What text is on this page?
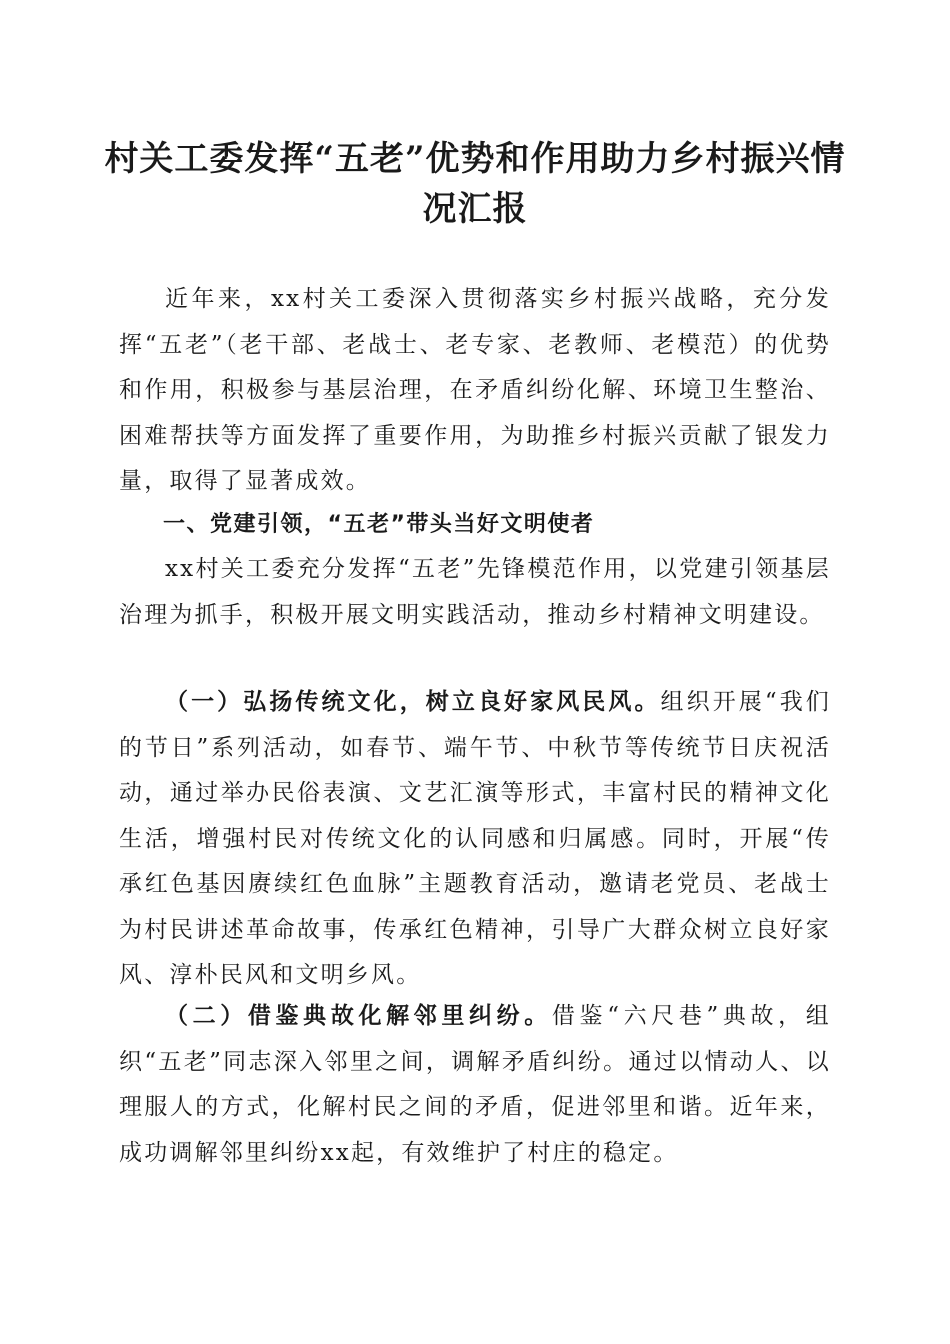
村关工委发挥“五老”优势和作用助力乡村振兴情况汇报

近年来，xx村关工委深入贯彻落实乡村振兴战略，充分发挥“五老”（老干部、老战士、老专家、老教师、老模范）的优势和作用，积极参与基层治理，在矛盾纠纷化解、环境卫生整治、困难帮扶等方面发挥了重要作用，为助推乡村振兴贡献了银发力量，取得了显著成效。

一、党建引领，“五老”带头当好文明使者

xx村关工委充分发挥“五老”先锋模范作用，以党建引领基层治理为抓手，积极开展文明实践活动，推动乡村精神文明建设。

（一）弘扬传统文化，树立良好家风民风。组织开展“我们的节日”系列活动，如春节、端午节、中秋节等传统节日庆祝活动，通过举办民俗表演、文艺汇演等形式，丰富村民的精神文化生活，增强村民对传统文化的认同感和归属感。同时，开展“传承红色基因赓续红色血脉”主题教育活动，邀请老党员、老战士为村民讲述革命故事，传承红色精神，引导广大群众树立良好家风、淳朴民风和文明乡风。

（二）借鉴典故化解邻里纠纷。借鉴“六尺巷”典故，组织“五老”同志深入邻里之间，调解矛盾纠纷。通过以情动人、以理服人的方式，化解村民之间的矛盾，促进邻里和谐。近年来，成功调解邻里纠纷xx起，有效维护了村庄的稳定。
